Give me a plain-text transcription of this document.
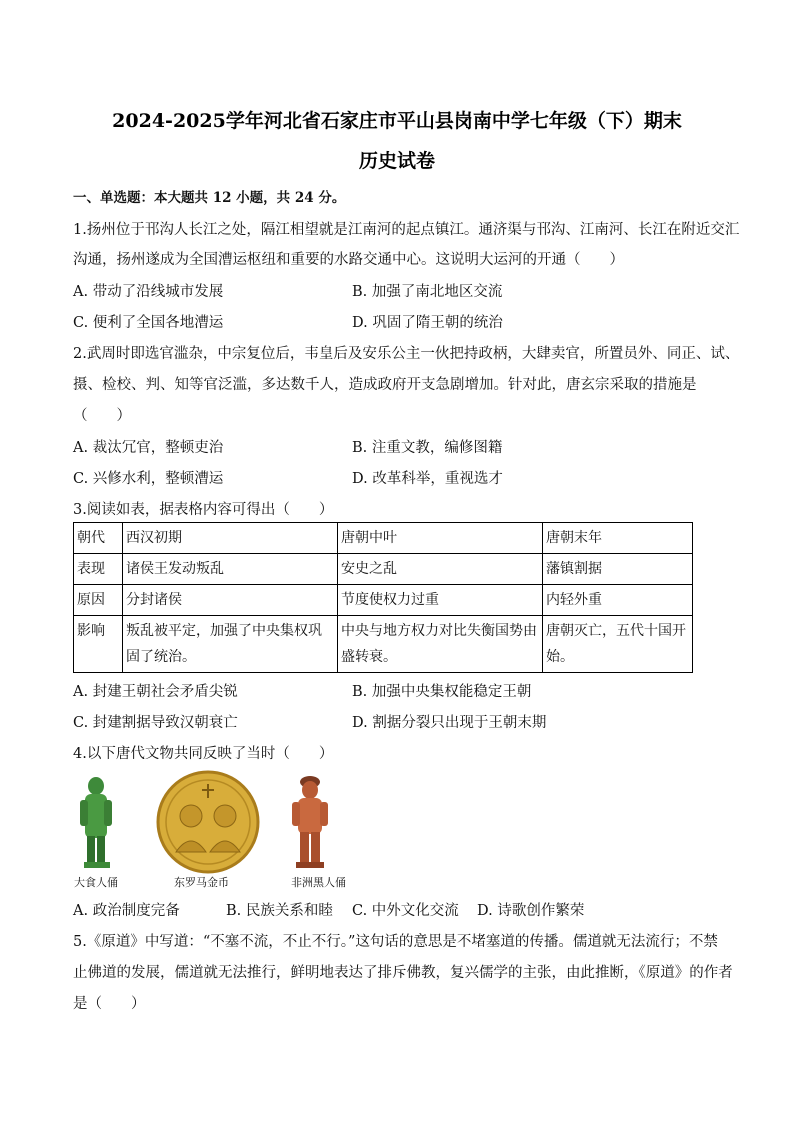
2024-2025学年河北省石家庄市平山县岗南中学七年级（下）期末
历史试卷
一、单选题：本大题共 12 小题，共 24 分。
1.扬州位于邗沟人长江之处，隔江相望就是江南河的起点镇江。通济渠与邗沟、江南河、长江在附近交汇
沟通，扬州遂成为全国漕运枢纽和重要的水路交通中心。这说明大运河的开通（　　）
A. 带动了沿线城市发展	B. 加强了南北地区交流
C. 便利了全国各地漕运	D. 巩固了隋王朝的统治
2.武周时即选官滥杂，中宗复位后，韦皇后及安乐公主一伙把持政柄，大肆卖官，所置员外、同正、试、
摄、检校、判、知等官泛滥，多达数千人，造成政府开支急剧增加。针对此，唐玄宗采取的措施是
（　　）
A. 裁汰冗官，整顿吏治	B. 注重文教，编修图籍
C. 兴修水利，整顿漕运	D. 改革科举，重视选才
3.阅读如表，据表格内容可得出（　　）
朝代	西汉初期	唐朝中叶	唐朝末年
表现	诸侯王发动叛乱	安史之乱	藩镇割据
原因	分封诸侯	节度使权力过重	内轻外重
影响	叛乱被平定，加强了中央集权巩固了统治。	中央与地方权力对比失衡国势由盛转衰。	唐朝灭亡，五代十国开始。
A. 封建王朝社会矛盾尖锐	B. 加强中央集权能稳定王朝
C. 封建割据导致汉朝衰亡	D. 割据分裂只出现于王朝末期
4.以下唐代文物共同反映了当时（　　）
大食人俑	东罗马金币	非洲黑人俑
A. 政治制度完备	B. 民族关系和睦 C. 中外文化交流 D. 诗歌创作繁荣
5.《原道》中写道：“不塞不流，不止不行。”这句话的意思是不堵塞道的传播。儒道就无法流行；不禁
止佛道的发展，儒道就无法推行，鲜明地表达了排斥佛教，复兴儒学的主张，由此推断，《原道》的作者
是（　　）
